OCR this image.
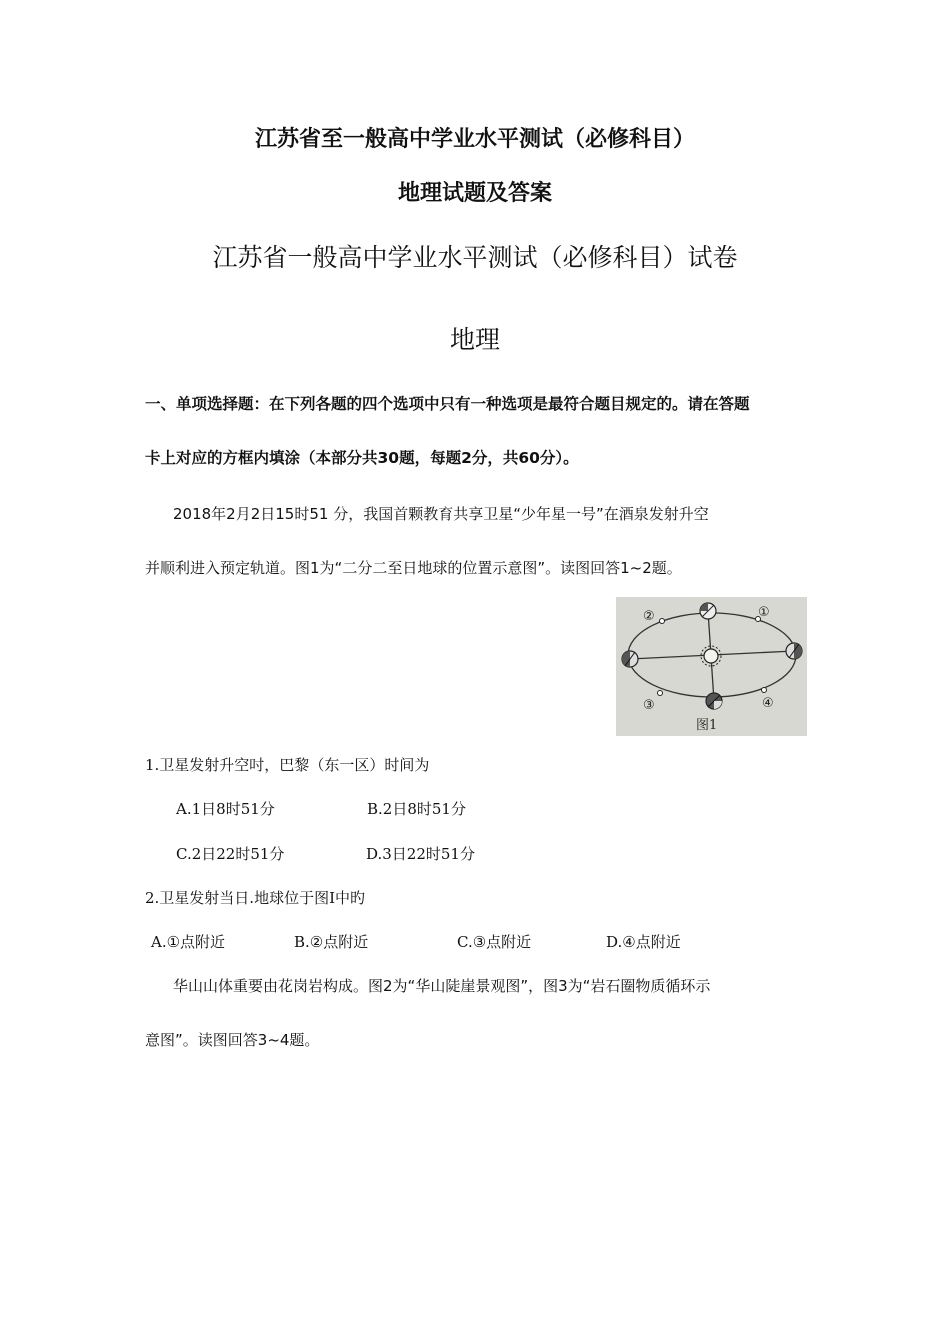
江苏省至一般高中学业水平测试（必修科目）
地理试题及答案
江苏省一般高中学业水平测试（必修科目）试卷
地理
一、单项选择题：在下列各题的四个选项中只有一种选项是最符合题目规定的。请在答题
卡上对应的方框内填涂（本部分共30题，每题2分，共60分）。
2018年2月2日15时51 分，我国首颗教育共享卫星“少年星一号”在酒泉发射升空
并顺利进入预定轨道。图1为“二分二至日地球的位置示意图”。读图回答1~2题。
②	①
③	④
图1
1.卫星发射升空吋，巴黎（东一区）时间为
A.1日8时51分	B.2日8时51分
C.2日22时51分	D.3日22时51分
2.卫星发射当日.地球位于图I中旳
A.①点附近	B.②点附近	C.③点附近	D.④点附近
华山山体重要由花岗岩构成。图2为“华山陡崖景观图”，图3为“岩石圈物质循环示
意图”。读图回答3~4题。
